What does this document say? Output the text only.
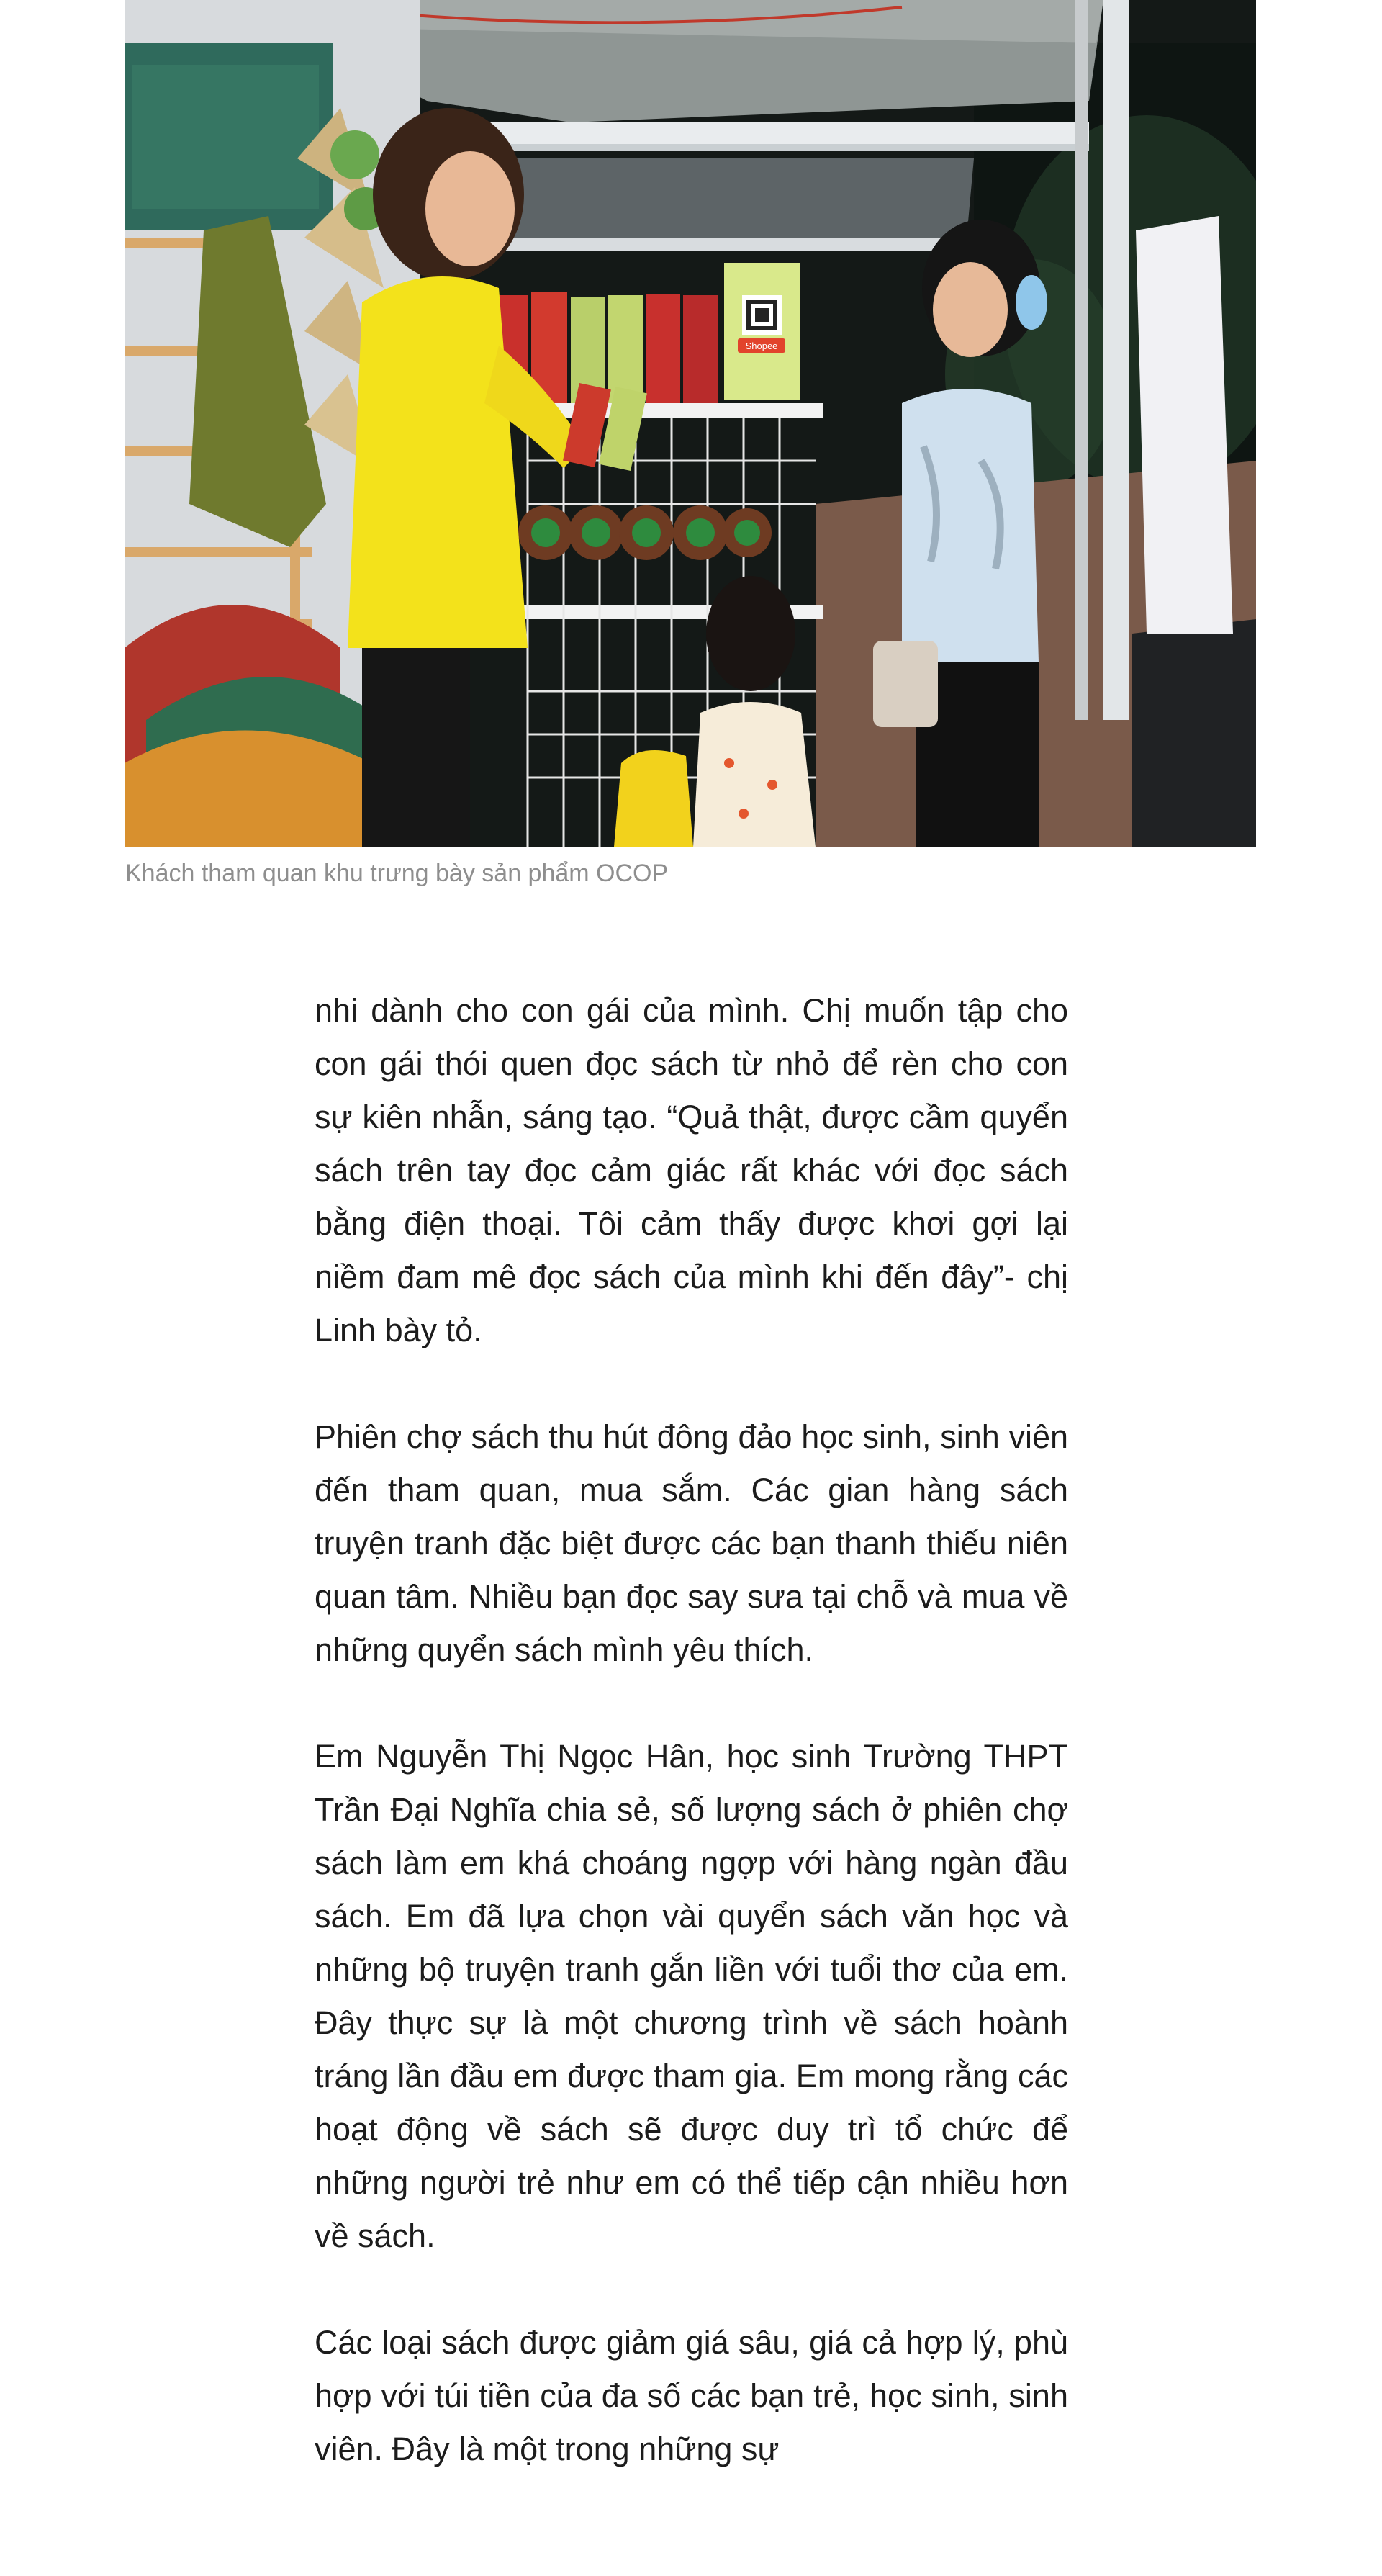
Shopee
Khách tham quan khu trưng bày sản phẩm OCOP

nhi dành cho con gái của mình. Chị muốn tập cho con gái thói quen đọc sách từ nhỏ để rèn cho con sự kiên nhẫn, sáng tạo. “Quả thật, được cầm quyển sách trên tay đọc cảm giác rất khác với đọc sách bằng điện thoại. Tôi cảm thấy được khơi gợi lại niềm đam mê đọc sách của mình khi đến đây”- chị Linh bày tỏ.

Phiên chợ sách thu hút đông đảo học sinh, sinh viên đến tham quan, mua sắm. Các gian hàng sách truyện tranh đặc biệt được các bạn thanh thiếu niên quan tâm. Nhiều bạn đọc say sưa tại chỗ và mua về những quyển sách mình yêu thích.

Em Nguyễn Thị Ngọc Hân, học sinh Trường THPT Trần Đại Nghĩa chia sẻ, số lượng sách ở phiên chợ sách làm em khá choáng ngợp với hàng ngàn đầu sách. Em đã lựa chọn vài quyển sách văn học và những bộ truyện tranh gắn liền với tuổi thơ của em. Đây thực sự là một chương trình về sách hoành tráng lần đầu em được tham gia. Em mong rằng các hoạt động về sách sẽ được duy trì tổ chức để những người trẻ như em có thể tiếp cận nhiều hơn về sách.

Các loại sách được giảm giá sâu, giá cả hợp lý, phù hợp với túi tiền của đa số các bạn trẻ, học sinh, sinh viên. Đây là một trong những sự
